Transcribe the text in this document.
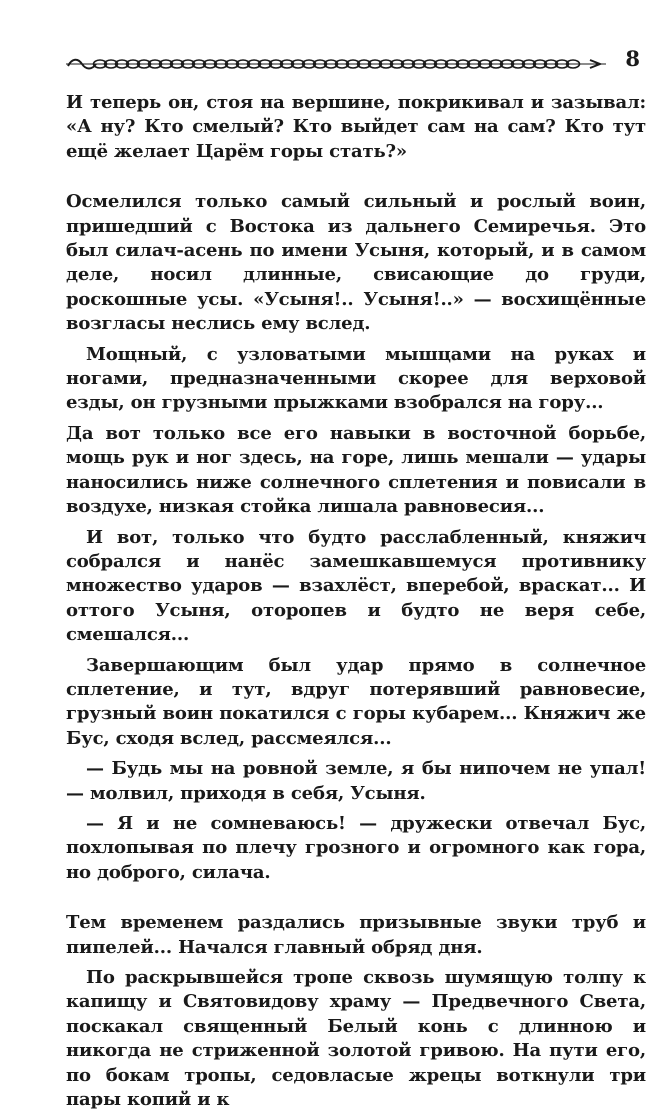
8

И теперь он, стоя на вершине, покрикивал и зазывал: «А ну? Кто смелый? Кто выйдет сам на сам? Кто тут ещё желает Царём горы стать?»

Осмелился только самый сильный и рослый воин, пришедший с Востока из дальнего Семиречья. Это был силач-асень по имени Усыня, который, и в самом деле, носил длинные, свисающие до груди, роскошные усы. «Усыня!.. Усыня!..» — восхищённые возгласы неслись ему вслед.

Мощный, с узловатыми мышцами на руках и ногами, предназначенными скорее для верховой езды, он грузными прыжками взобрался на гору...

Да вот только все его навыки в восточной борьбе, мощь рук и ног здесь, на горе, лишь мешали — удары наносились ниже солнечного сплетения и повисали в воздухе, низкая стойка лишала равновесия...

И вот, только что будто расслабленный, княжич собрался и нанёс замешкавшемуся противнику множество ударов — взахлёст, вперебой, враскат... И оттого Усыня, оторопев и будто не веря себе, смешался...

Завершающим был удар прямо в солнечное сплетение, и тут, вдруг потерявший равновесие, грузный воин покатился с горы кубарем... Княжич же Бус, сходя вслед, рассмеялся...

— Будь мы на ровной земле, я бы нипочем не упал! — молвил, приходя в себя, Усыня.

— Я и не сомневаюсь! — дружески отвечал Бус, похлопывая по плечу грозного и огромного как гора, но доброго, силача.

Тем временем раздались призывные звуки труб и пипелей... Начался главный обряд дня.

По раскрывшейся тропе сквозь шумящую толпу к капищу и Святовидову храму — Предвечного Света, поскакал священный Белый конь с длинною и никогда не стриженной золотой гривою. На пути его, по бокам тропы, седовласые жрецы воткнули три пары копий и к
